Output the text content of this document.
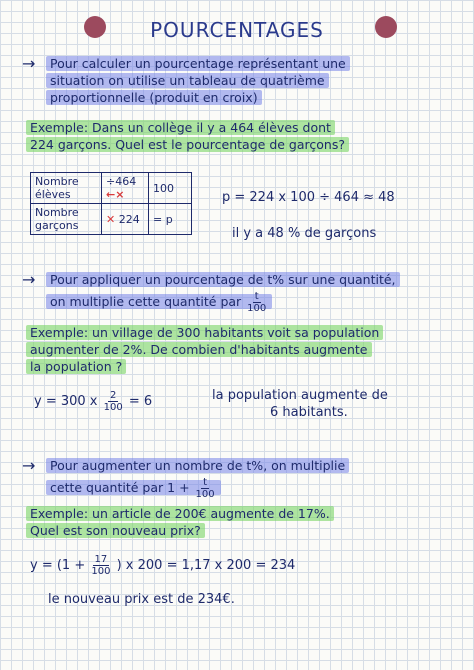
POURCENTAGES
→	Pour calculer un pourcentage représentant une
situation on utilise un tableau de quatrième
proportionnelle (produit en croix)
Exemple: Dans un collège il y a 464 élèves dont
224 garçons. Quel est le pourcentage de garçons?
Nombre élèves	÷464 ←×	100
Nombre garçons	✕ 224	= p
p = 224 x 100 ÷ 464 ≈ 48
il y a 48 % de garçons
→	Pour appliquer un pourcentage de t% sur une quantité,
on multiplie cette quantité par $\frac{t}{100}$
Exemple: un village de 300 habitants voit sa population
augmenter de 2%. De combien d'habitants augmente
la population ?
y = 300 x $\frac{2}{100} = 6$	la population augmente de
6 habitants.
→	Pour augmenter un nombre de t%, on multiplie
cette quantité par $1 + \frac{t}{100}$
Exemple: un article de 200€ augmente de 17%.
Quel est son nouveau prix?
$y = (1 + \frac{17}{100}$ ) x 200 = 1,17 x 200 = 234
le nouveau prix est de 234€.
